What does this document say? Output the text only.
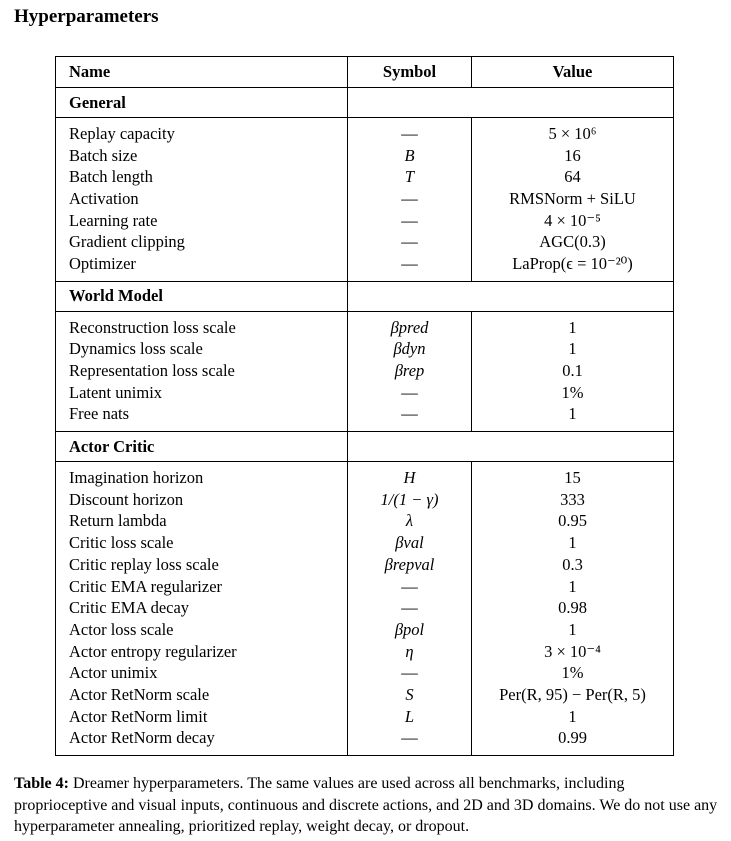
Hyperparameters
Name	Symbol	Value
General		

Replay capacity	—	5 × 10⁶
Batch size	B	16
Batch length	T	64
Activation	—	RMSNorm + SiLU
Learning rate	—	4 × 10⁻⁵
Gradient clipping	—	AGC(0.3)
Optimizer	—	LaProp(ϵ = 10⁻²⁰)

World Model		

Reconstruction loss scale	βpred	1
Dynamics loss scale	βdyn	1
Representation loss scale	βrep	0.1
Latent unimix	—	1%
Free nats	—	1

Actor Critic		

Imagination horizon	H	15
Discount horizon	1/(1 − γ)	333
Return lambda	λ	0.95
Critic loss scale	βval	1
Critic replay loss scale	βrepval	0.3
Critic EMA regularizer	—	1
Critic EMA decay	—	0.98
Actor loss scale	βpol	1
Actor entropy regularizer	η	3 × 10⁻⁴
Actor unimix	—	1%
Actor RetNorm scale	S	Per(R, 95) − Per(R, 5)
Actor RetNorm limit	L	1
Actor RetNorm decay	—	0.99

Table 4: Dreamer hyperparameters. The same values are used across all benchmarks, including proprioceptive and visual inputs, continuous and discrete actions, and 2D and 3D domains. We do not use any hyperparameter annealing, prioritized replay, weight decay, or dropout.
